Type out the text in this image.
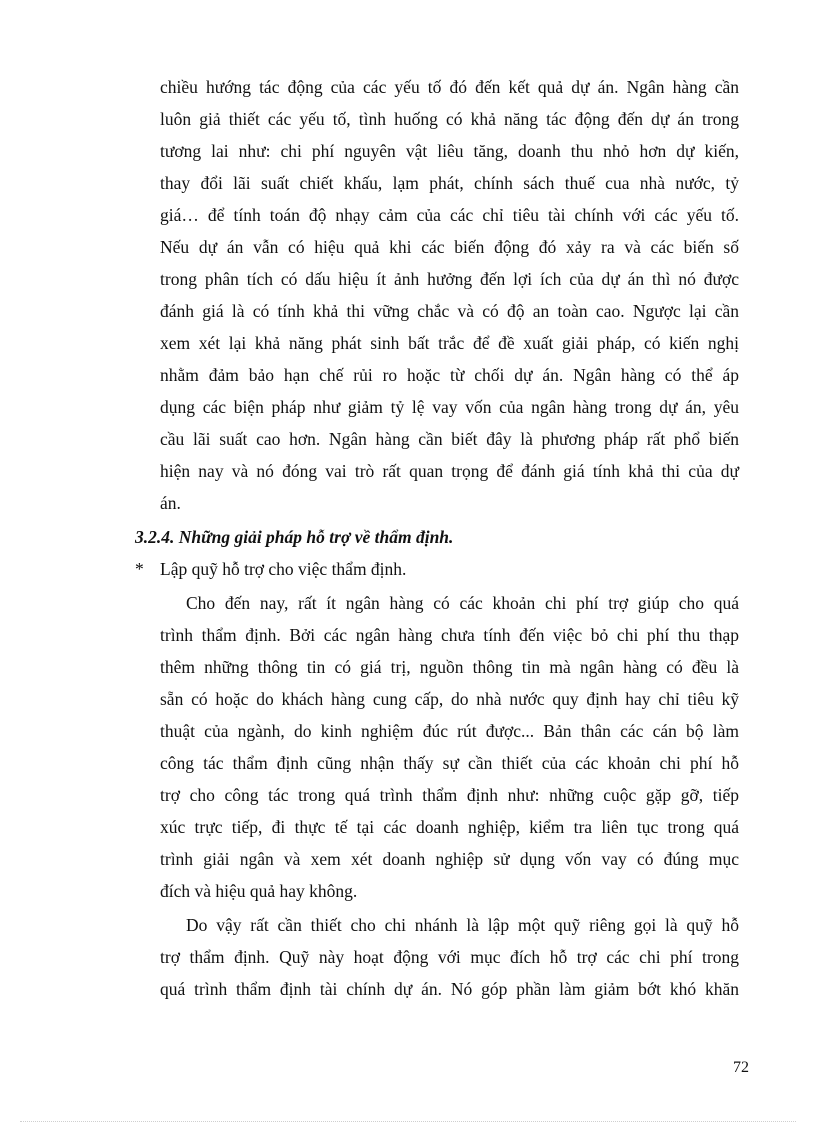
chiều hướng tác động của các yếu tố đó đến kết quả dự án. Ngân hàng cần
luôn giả thiết các yếu tố, tình huống có khả năng tác động đến dự án trong
tương lai như: chi phí nguyên vật liêu tăng, doanh thu nhỏ hơn dự kiến,
thay đổi lãi suất chiết khấu, lạm phát, chính sách thuế cua nhà nước, tỷ
giá… để tính toán độ nhạy cảm của các chỉ tiêu tài chính với các yếu tố.
Nếu dự án vẫn có hiệu quả khi các biến động đó xảy ra và các biến số
trong phân tích có dấu hiệu ít ảnh hưởng đến lợi ích của dự án thì nó được
đánh giá là có tính khả thi vững chắc và có độ an toàn cao. Ngược lại cần
xem xét lại khả năng phát sinh bất trắc để đề xuất giải pháp, có kiến nghị
nhằm đảm bảo hạn chế rủi ro hoặc từ chối dự án. Ngân hàng có thể áp
dụng các biện pháp như giảm tỷ lệ vay vốn của ngân hàng trong dự án, yêu
cầu lãi suất cao hơn. Ngân hàng cần biết đây là phương pháp rất phổ biến
hiện nay và nó đóng vai trò rất quan trọng để đánh giá tính khả thi của dự
án.
3.2.4. Những giải pháp hỗ trợ về thẩm định.
* Lập quỹ hỗ trợ cho việc thẩm định.
Cho đến nay, rất ít ngân hàng có các khoản chi phí trợ giúp cho quá
trình thẩm định. Bởi các ngân hàng chưa tính đến việc bỏ chi phí thu thạp
thêm những thông tin có giá trị, nguồn thông tin mà ngân hàng có đều là
sẵn có hoặc do khách hàng cung cấp, do nhà nước quy định hay chỉ tiêu kỹ
thuật của ngành, do kinh nghiệm đúc rút được... Bản thân các cán bộ làm
công tác thẩm định cũng nhận thấy sự cần thiết của các khoản chi phí hỗ
trợ cho công tác trong quá trình thẩm định như: những cuộc gặp gỡ, tiếp
xúc trực tiếp, đi thực tế tại các doanh nghiệp, kiểm tra liên tục trong quá
trình giải ngân và xem xét doanh nghiệp sử dụng vốn vay có đúng mục
đích và hiệu quả hay không.
Do vậy rất cần thiết cho chi nhánh là lập một quỹ riêng gọi là quỹ hỗ
trợ thẩm định. Quỹ này hoạt động với mục đích hỗ trợ các chi phí trong
quá trình thẩm định tài chính dự án. Nó góp phần làm giảm bớt khó khăn
72
